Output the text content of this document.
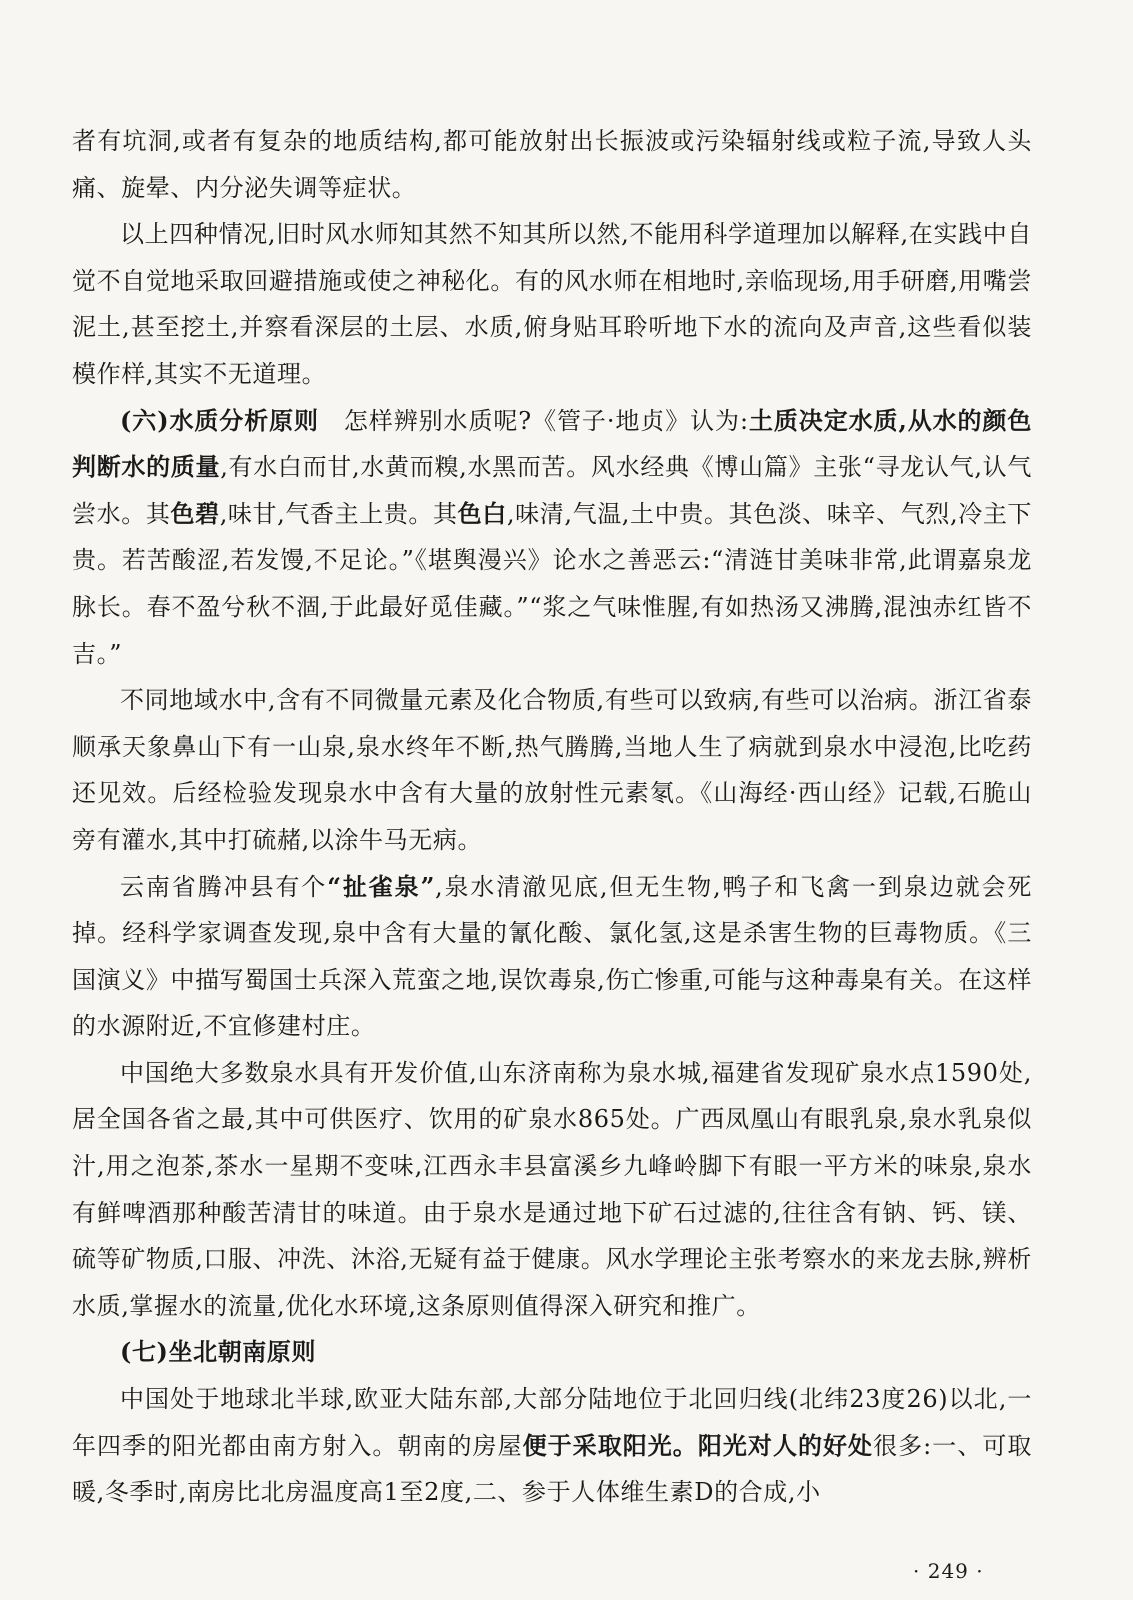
者有坑洞,或者有复杂的地质结构,都可能放射出长振波或污染辐射线或粒子流,导致人头痛、旋晕、内分泌失调等症状。

以上四种情况,旧时风水师知其然不知其所以然,不能用科学道理加以解释,在实践中自觉不自觉地采取回避措施或使之神秘化。有的风水师在相地时,亲临现场,用手研磨,用嘴尝泥土,甚至挖土,并察看深层的土层、水质,俯身贴耳聆听地下水的流向及声音,这些看似装模作样,其实不无道理。

(六)水质分析原则　怎样辨别水质呢?《管子·地贞》认为:土质决定水质,从水的颜色判断水的质量,有水白而甘,水黄而糗,水黑而苦。风水经典《博山篇》主张“寻龙认气,认气尝水。其色碧,味甘,气香主上贵。其色白,味清,气温,土中贵。其色淡、味辛、气烈,冷主下贵。若苦酸涩,若发馒,不足论。”《堪舆漫兴》论水之善恶云:“清涟甘美味非常,此谓嘉泉龙脉长。春不盈兮秋不涸,于此最好觅佳藏。”“浆之气味惟腥,有如热汤又沸腾,混浊赤红皆不吉。”

不同地域水中,含有不同微量元素及化合物质,有些可以致病,有些可以治病。浙江省泰顺承天象鼻山下有一山泉,泉水终年不断,热气腾腾,当地人生了病就到泉水中浸泡,比吃药还见效。后经检验发现泉水中含有大量的放射性元素氡。《山海经·西山经》记载,石脆山旁有灌水,其中打硫赭,以涂牛马无病。

云南省腾冲县有个“扯雀泉”,泉水清澈见底,但无生物,鸭子和飞禽一到泉边就会死掉。经科学家调查发现,泉中含有大量的氰化酸、氯化氢,这是杀害生物的巨毒物质。《三国演义》中描写蜀国士兵深入荒蛮之地,误饮毒泉,伤亡惨重,可能与这种毒臬有关。在这样的水源附近,不宜修建村庄。

中国绝大多数泉水具有开发价值,山东济南称为泉水城,福建省发现矿泉水点1590处,居全国各省之最,其中可供医疗、饮用的矿泉水865处。广西凤凰山有眼乳泉,泉水乳泉似汁,用之泡茶,茶水一星期不变味,江西永丰县富溪乡九峰岭脚下有眼一平方米的味泉,泉水有鲜啤酒那种酸苦清甘的味道。由于泉水是通过地下矿石过滤的,往往含有钠、钙、镁、硫等矿物质,口服、冲洗、沐浴,无疑有益于健康。风水学理论主张考察水的来龙去脉,辨析水质,掌握水的流量,优化水环境,这条原则值得深入研究和推广。

(七)坐北朝南原则

中国处于地球北半球,欧亚大陆东部,大部分陆地位于北回归线(北纬23度26)以北,一年四季的阳光都由南方射入。朝南的房屋便于采取阳光。阳光对人的好处很多:一、可取暖,冬季时,南房比北房温度高1至2度,二、参于人体维生素D的合成,小

· 249 ·
